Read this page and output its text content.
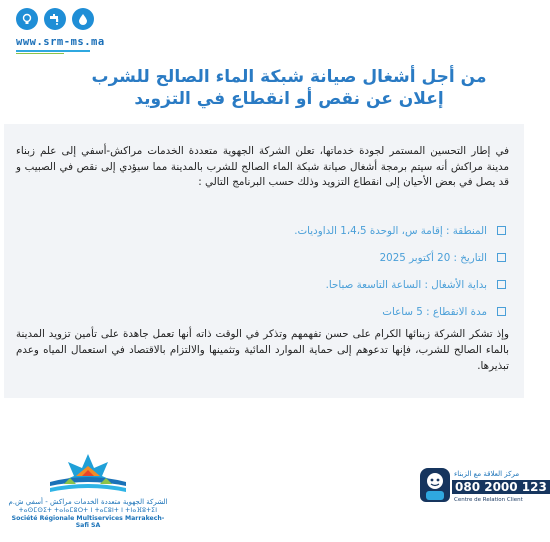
www.srm-ms.ma
من أجل أشغال صيانة شبكة الماء الصالح للشرب
إعلان عن نقص أو انقطاع في التزويد
في إطار التحسين المستمر لجودة خدماتها، تعلن الشركة الجهوية متعددة الخدمات مراكش-أسفي إلى علم زبناء مدينة مراكش أنه سيتم برمجة أشغال صيانة شبكة الماء الصالح للشرب بالمدينة مما سيؤدي إلى نقص في الصبيب و قد يصل في بعض الأحيان إلى انقطاع التزويد وذلك حسب البرنامج التالي :
المنطقة : إقامة س، الوحدة 1،4،5 الداوديات.
التاريخ : 20 أكتوبر 2025
بداية الأشغال : الساعة التاسعة صباحا.
مدة الانقطاع : 5 ساعات
وإذ تشكر الشركة زبنائها الكرام على حسن تفهمهم وتذكر في الوقت ذاته أنها تعمل جاهدة على تأمين تزويد المدينة بالماء الصالح للشرب، فإنها تدعوهم إلى حماية الموارد المائية وتثمينها والالتزام بالاقتصاد في استعمال المياه وعدم تبذيرها.
الشركة الجهوية متعددة الخدمات مراكش - أسفي ش.م
ⵜⴰⵙⵎⵙⵉⵜ ⵜⴰⵏⴰⵎⵓⵔⵜ ⵏ ⵜⴰⵎⵓⵏⵜ ⵏ ⵜⵏⴰⴼⵓⵜⵉⵏ
Société Régionale Multiservices Marrakech-Safi SA
مركز العلاقة مع الزبناء
080 2000 123
Centre de Relation Client
